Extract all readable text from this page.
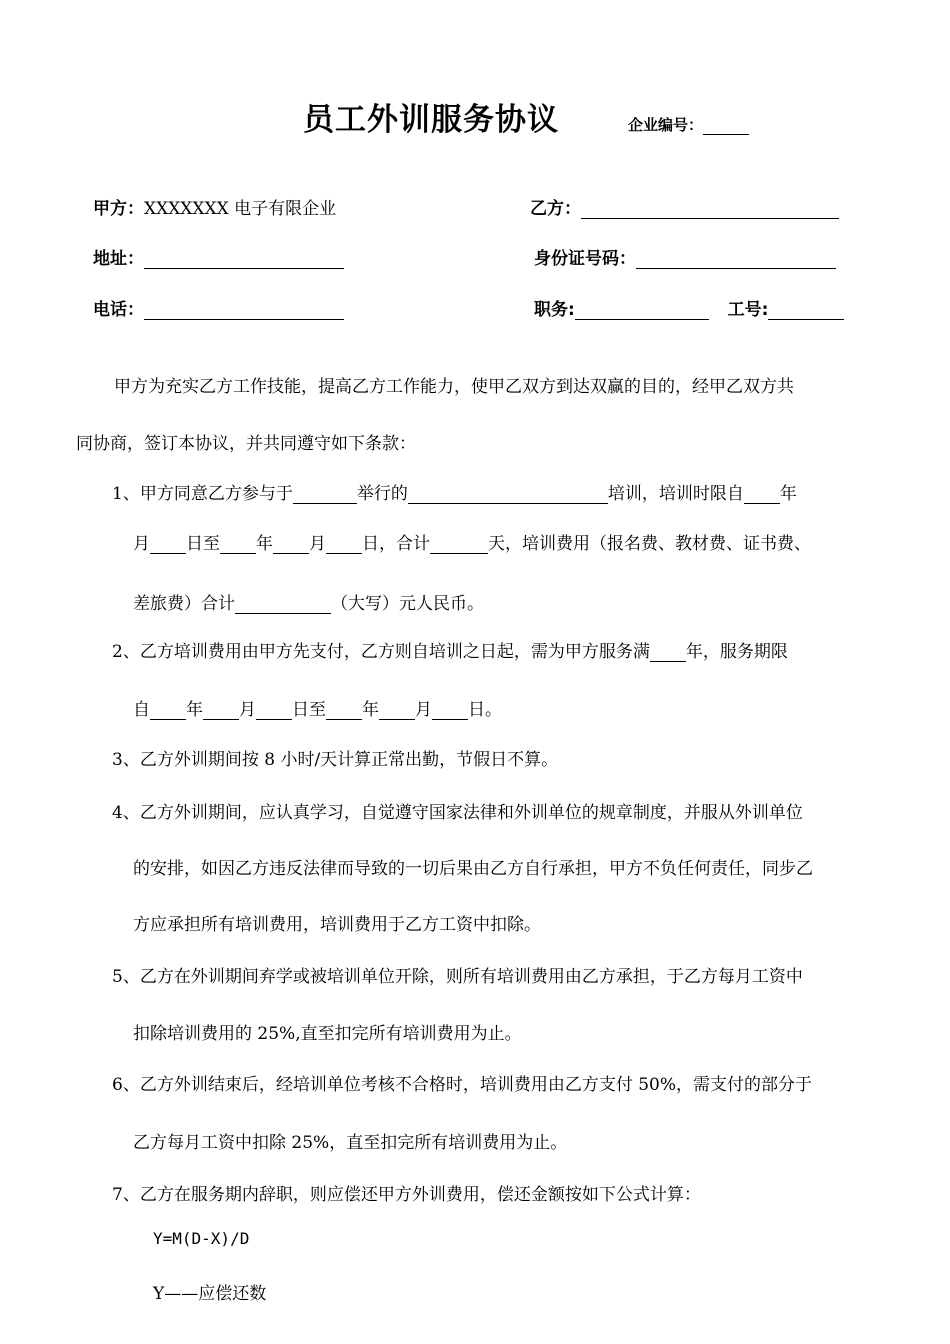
员工外训服务协议	企业编号：
甲方：XXXXXXX 电子有限企业	乙方：
地址：	身份证号码：
电话：	职务:	工号:
甲方为充实乙方工作技能，提高乙方工作能力，使甲乙双方到达双赢的目的，经甲乙双方共
同协商，签订本协议，并共同遵守如下条款：
1、甲方同意乙方参与于	举行的	培训，培训时限自 年
月 日至 年 月 日，合计	天，培训费用（报名费、教材费、证书费、
差旅费）合计	（大写）元人民币。
2、乙方培训费用由甲方先支付，乙方则自培训之日起，需为甲方服务满 年，服务期限
自 年 月 日至 年 月 日。
3、乙方外训期间按 8 小时/天计算正常出勤，节假日不算。
4、乙方外训期间，应认真学习，自觉遵守国家法律和外训单位的规章制度，并服从外训单位
的安排，如因乙方违反法律而导致的一切后果由乙方自行承担，甲方不负任何责任，同步乙
方应承担所有培训费用，培训费用于乙方工资中扣除。
5、乙方在外训期间弃学或被培训单位开除，则所有培训费用由乙方承担，于乙方每月工资中
扣除培训费用的 25%,直至扣完所有培训费用为止。
6、乙方外训结束后，经培训单位考核不合格时，培训费用由乙方支付 50%，需支付的部分于
乙方每月工资中扣除 25%，直至扣完所有培训费用为止。
7、乙方在服务期内辞职，则应偿还甲方外训费用，偿还金额按如下公式计算：
Y=M(D-X)/D
Y——应偿还数
